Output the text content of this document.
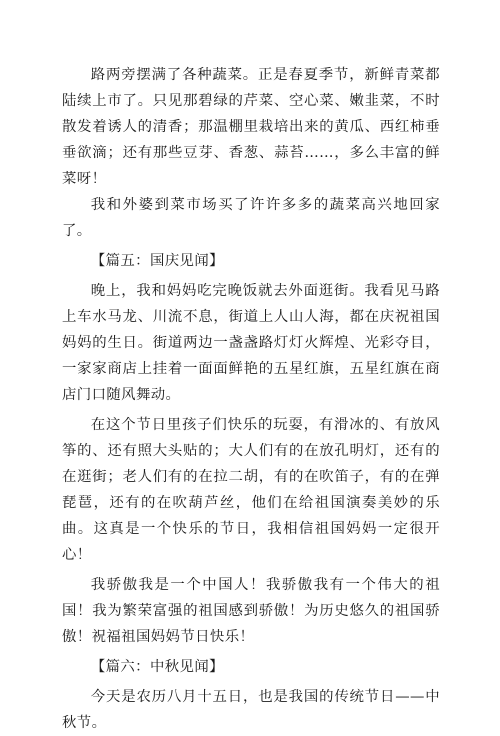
路两旁摆满了各种蔬菜。正是春夏季节，新鲜青菜都陆续上市了。只见那碧绿的芹菜、空心菜、嫩韭菜，不时散发着诱人的清香；那温棚里栽培出来的黄瓜、西红柿垂垂欲滴；还有那些豆芽、香葱、蒜苔……，多么丰富的鲜菜呀！

我和外婆到菜市场买了许许多多的蔬菜高兴地回家了。

【篇五：国庆见闻】

晚上，我和妈妈吃完晚饭就去外面逛街。我看见马路上车水马龙、川流不息，街道上人山人海，都在庆祝祖国妈妈的生日。街道两边一盏盏路灯灯火辉煌、光彩夺目，一家家商店上挂着一面面鲜艳的五星红旗，五星红旗在商店门口随风舞动。

在这个节日里孩子们快乐的玩耍，有滑冰的、有放风筝的、还有照大头贴的；大人们有的在放孔明灯，还有的在逛街；老人们有的在拉二胡，有的在吹笛子，有的在弹琵琶，还有的在吹葫芦丝，他们在给祖国演奏美妙的乐曲。这真是一个快乐的节日，我相信祖国妈妈一定很开心！

我骄傲我是一个中国人！我骄傲我有一个伟大的祖国！我为繁荣富强的祖国感到骄傲！为历史悠久的祖国骄傲！祝福祖国妈妈节日快乐！

【篇六：中秋见闻】

今天是农历八月十五日，也是我国的传统节日——中秋节。
